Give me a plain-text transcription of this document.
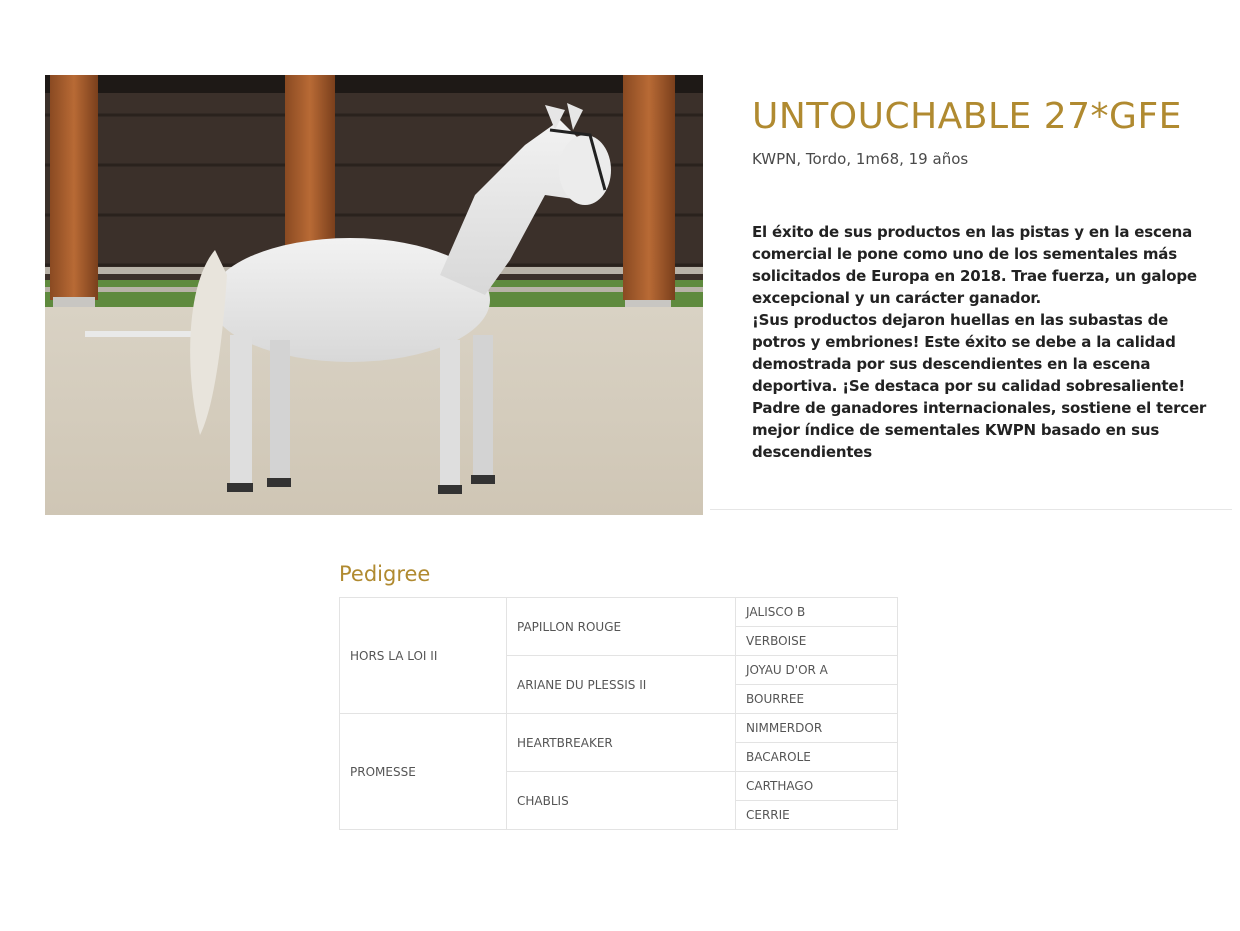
UNTOUCHABLE 27*GFE
KWPN, Tordo, 1m68, 19 años

El éxito de sus productos en las pistas y en la escena comercial le pone como uno de los sementales más solicitados de Europa en 2018. Trae fuerza, un galope excepcional y un carácter ganador.

¡Sus productos dejaron huellas en las subastas de potros y embriones! Este éxito se debe a la calidad demostrada por sus descendientes en la escena deportiva. ¡Se destaca por su calidad sobresaliente! Padre de ganadores internacionales, sostiene el tercer mejor índice de sementales KWPN basado en sus descendientes

Pedigree
HORS LA LOI II	PAPILLON ROUGE	JALISCO B
		VERBOISE
	ARIANE DU PLESSIS II	JOYAU D'OR A
		BOURREE
PROMESSE	HEARTBREAKER	NIMMERDOR
		BACAROLE
	CHABLIS	CARTHAGO
		CERRIE
